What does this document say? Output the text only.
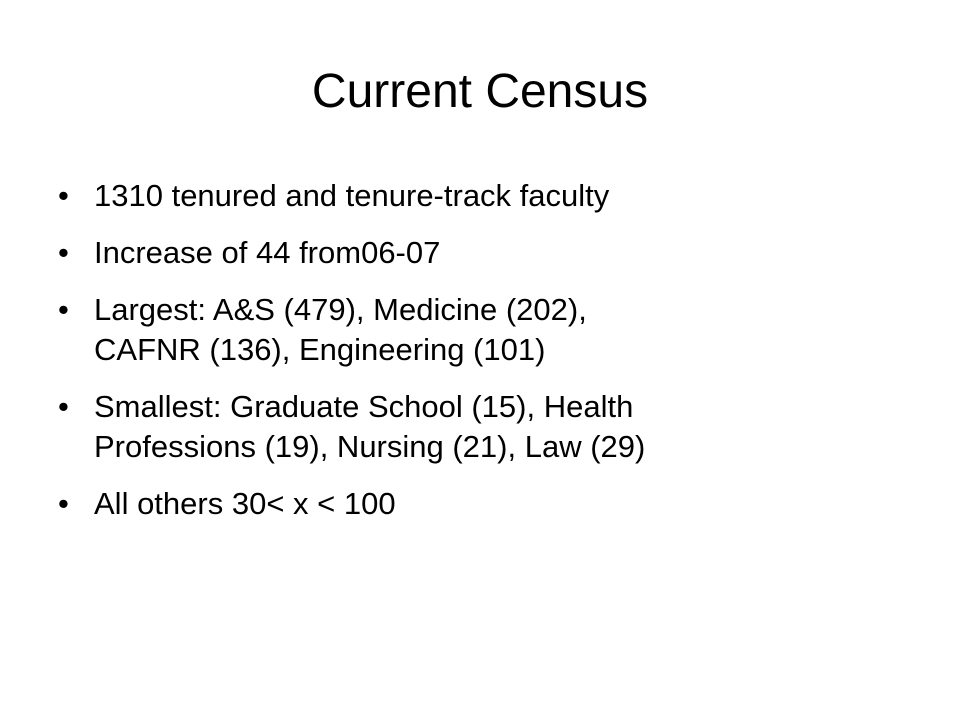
Current Census
• 1310 tenured and tenure-track faculty
• Increase of 44 from06-07
• Largest: A&S (479), Medicine (202),
CAFNR (136), Engineering (101)
• Smallest: Graduate School (15), Health
Professions (19), Nursing (21), Law (29)
• All others 30< x < 100
